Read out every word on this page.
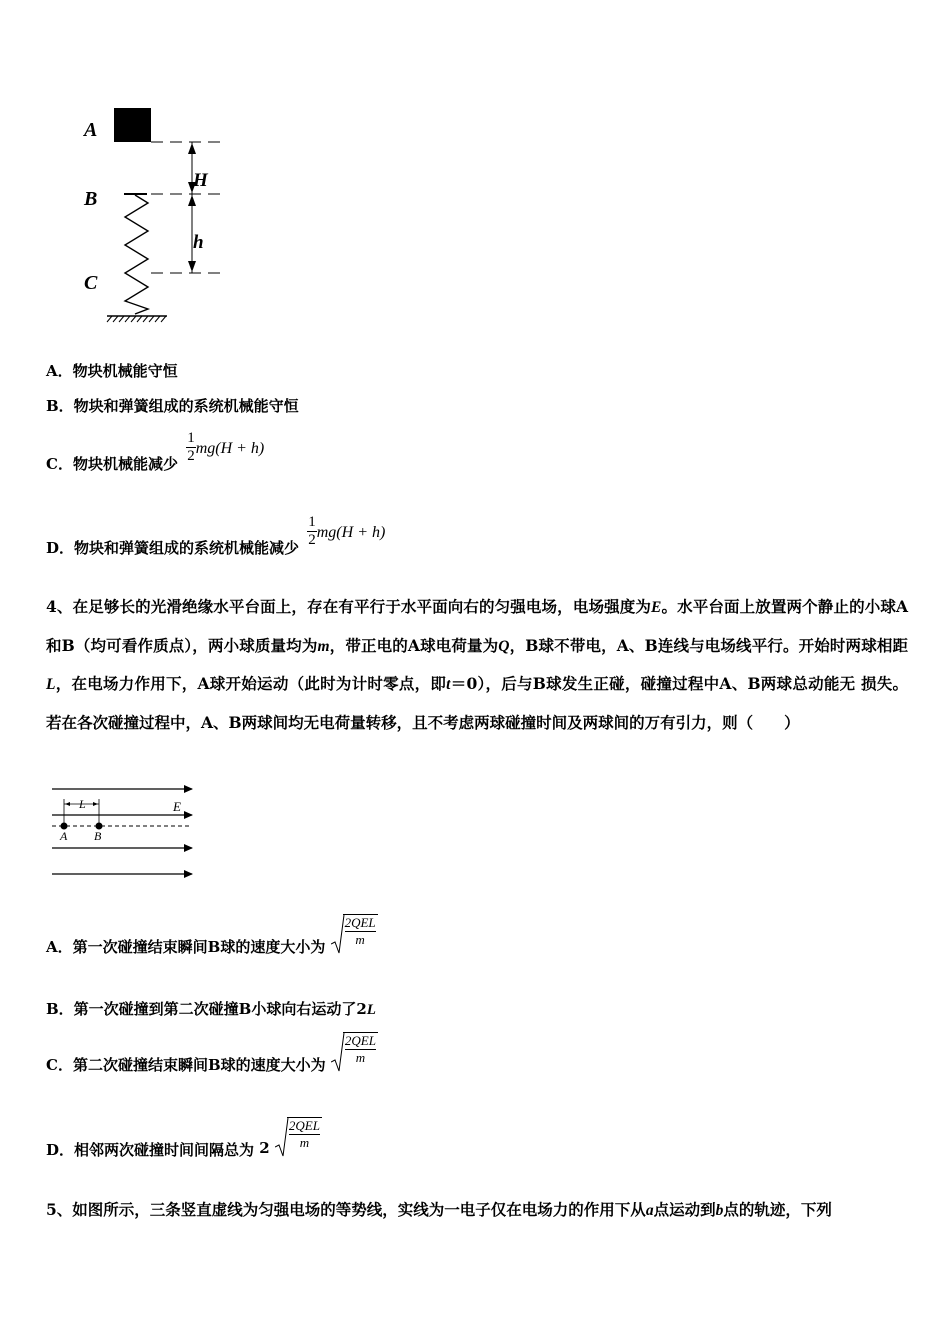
A
B
C
H
h
A．物块机械能守恒
B．物块和弹簧组成的系统机械能守恒
C．物块机械能减少 $\frac{1}{2} mg(H + h)$
D．物块和弹簧组成的系统机械能减少 $\frac{1}{2} mg(H + h)$
4、在足够长的光滑绝缘水平台面上，存在有平行于水平面向右的匀强电场，电场强度为E。水平台面上放置两个静止的小球A和B（均可看作质点），两小球质量均为m，带正电的A球电荷量为Q，B球不带电，A、B连线与电场线平行。开始时两球相距L，在电场力作用下，A球开始运动（此时为计时零点，即t＝0），后与B球发生正碰，碰撞过程中A、B两球总动能无 损失。若在各次碰撞过程中，A、B两球间均无电荷量转移，且不考虑两球碰撞时间及两球间的万有引力，则（　　）
L	E
A B
A．第一次碰撞结束瞬间B球的速度大小为
2QEL
m
B．第一次碰撞到第二次碰撞B小球向右运动了2L
C．第二次碰撞结束瞬间B球的速度大小为
2QEL
m
D．相邻两次碰撞时间间隔总为 2
2QEL
m
5、如图所示，三条竖直虚线为匀强电场的等势线，实线为一电子仅在电场力的作用下从a点运动到b点的轨迹，下列
